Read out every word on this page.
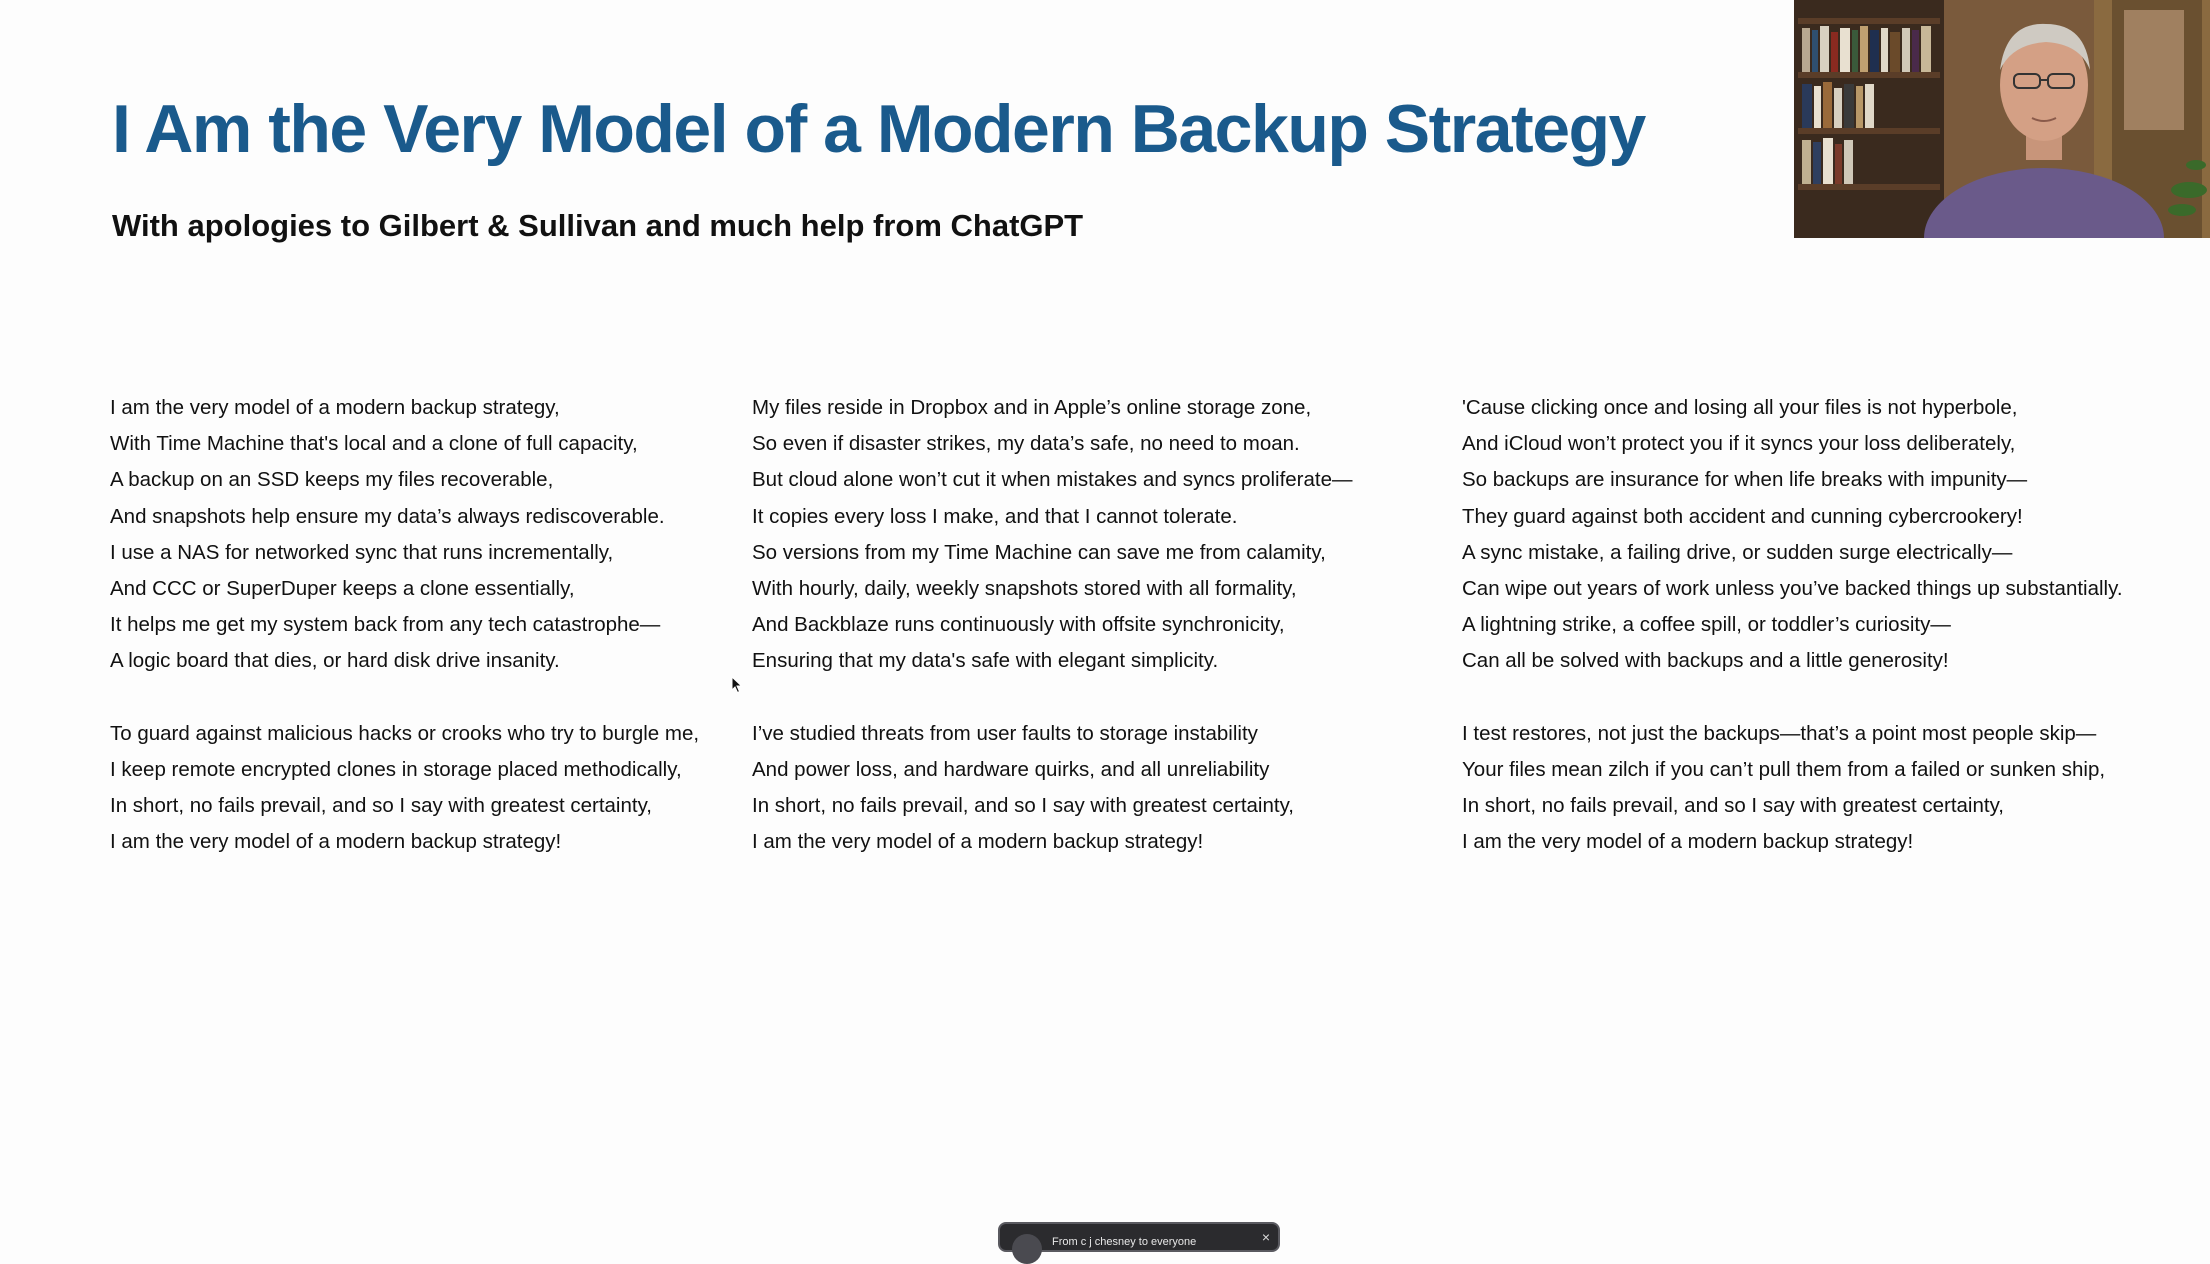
I Am the Very Model of a Modern Backup Strategy
With apologies to Gilbert & Sullivan and much help from ChatGPT
I am the very model of a modern backup strategy,
With Time Machine that's local and a clone of full capacity,
A backup on an SSD keeps my files recoverable,
And snapshots help ensure my data’s always rediscoverable.
I use a NAS for networked sync that runs incrementally,
And CCC or SuperDuper keeps a clone essentially,
It helps me get my system back from any tech catastrophe—
A logic board that dies, or hard disk drive insanity.
To guard against malicious hacks or crooks who try to burgle me,
I keep remote encrypted clones in storage placed methodically,
In short, no fails prevail, and so I say with greatest certainty,
I am the very model of a modern backup strategy!
My files reside in Dropbox and in Apple’s online storage zone,
So even if disaster strikes, my data’s safe, no need to moan.
But cloud alone won’t cut it when mistakes and syncs proliferate—
It copies every loss I make, and that I cannot tolerate.
So versions from my Time Machine can save me from calamity,
With hourly, daily, weekly snapshots stored with all formality,
And Backblaze runs continuously with offsite synchronicity,
Ensuring that my data's safe with elegant simplicity.
I’ve studied threats from user faults to storage instability
And power loss, and hardware quirks, and all unreliability
In short, no fails prevail, and so I say with greatest certainty,
I am the very model of a modern backup strategy!
'Cause clicking once and losing all your files is not hyperbole,
And iCloud won’t protect you if it syncs your loss deliberately,
So backups are insurance for when life breaks with impunity—
They guard against both accident and cunning cybercrookery!
A sync mistake, a failing drive, or sudden surge electrically—
Can wipe out years of work unless you’ve backed things up substantially.
A lightning strike, a coffee spill, or toddler’s curiosity—
Can all be solved with backups and a little generosity!
I test restores, not just the backups—that’s a point most people skip—
Your files mean zilch if you can’t pull them from a failed or sunken ship,
In short, no fails prevail, and so I say with greatest certainty,
I am the very model of a modern backup strategy!
From c j chesney to everyone	×
